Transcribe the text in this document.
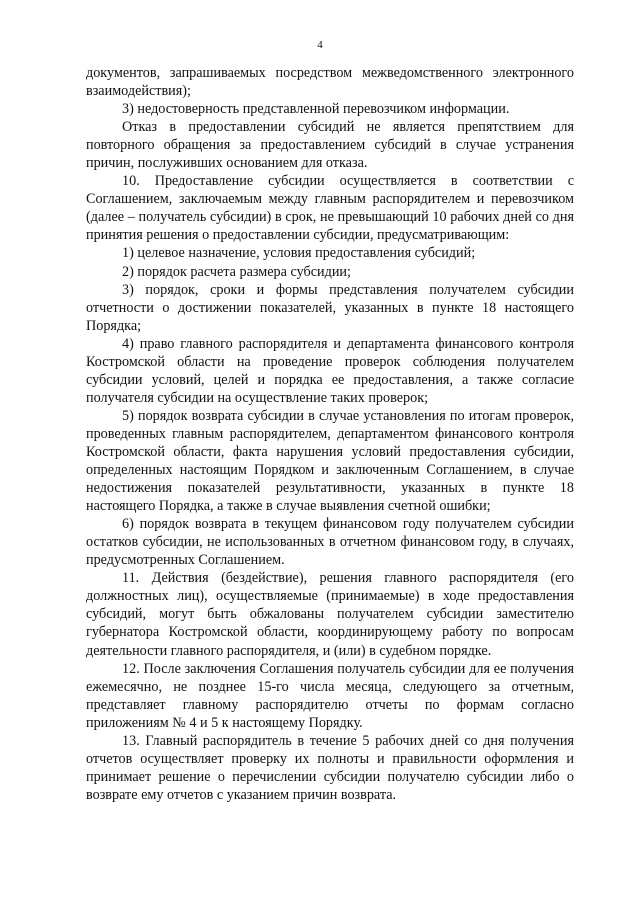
4

документов, запрашиваемых посредством межведомственного электронного взаимодействия);

3) недостоверность представленной перевозчиком информации.

Отказ в предоставлении субсидий не является препятствием для повторного обращения за предоставлением субсидий в случае устранения причин, послуживших основанием для отказа.

10. Предоставление субсидии осуществляется в соответствии с Соглашением, заключаемым между главным распорядителем и перевозчиком (далее – получатель субсидии) в срок, не превышающий 10 рабочих дней со дня принятия решения о предоставлении субсидии, предусматривающим:

1) целевое назначение, условия предоставления субсидий;

2) порядок расчета размера субсидии;

3) порядок, сроки и формы представления получателем субсидии отчетности о достижении показателей, указанных в пункте 18 настоящего Порядка;

4) право главного распорядителя и департамента финансового контроля Костромской области на проведение проверок соблюдения получателем субсидии условий, целей и порядка ее предоставления, а также согласие получателя субсидии на осуществление таких проверок;

5) порядок возврата субсидии в случае установления по итогам проверок, проведенных главным распорядителем, департаментом финансового контроля Костромской области, факта нарушения условий предоставления субсидии, определенных настоящим Порядком и заключенным Соглашением, в случае недостижения показателей результативности, указанных в пункте 18 настоящего Порядка, а также в случае выявления счетной ошибки;

6) порядок возврата в текущем финансовом году получателем субсидии остатков субсидии, не использованных в отчетном финансовом году, в случаях, предусмотренных Соглашением.

11. Действия (бездействие), решения главного распорядителя (его должностных лиц), осуществляемые (принимаемые) в ходе предоставления субсидий, могут быть обжалованы получателем субсидии заместителю губернатора Костромской области, координирующему работу по вопросам деятельности главного распорядителя, и (или) в судебном порядке.

12. После заключения Соглашения получатель субсидии для ее получения ежемесячно, не позднее 15-го числа месяца, следующего за отчетным, представляет главному распорядителю отчеты по формам согласно приложениям № 4 и 5 к настоящему Порядку.

13. Главный распорядитель в течение 5 рабочих дней со дня получения отчетов осуществляет проверку их полноты и правильности оформления и принимает решение о перечислении субсидии получателю субсидии либо о возврате ему отчетов с указанием причин возврата.
